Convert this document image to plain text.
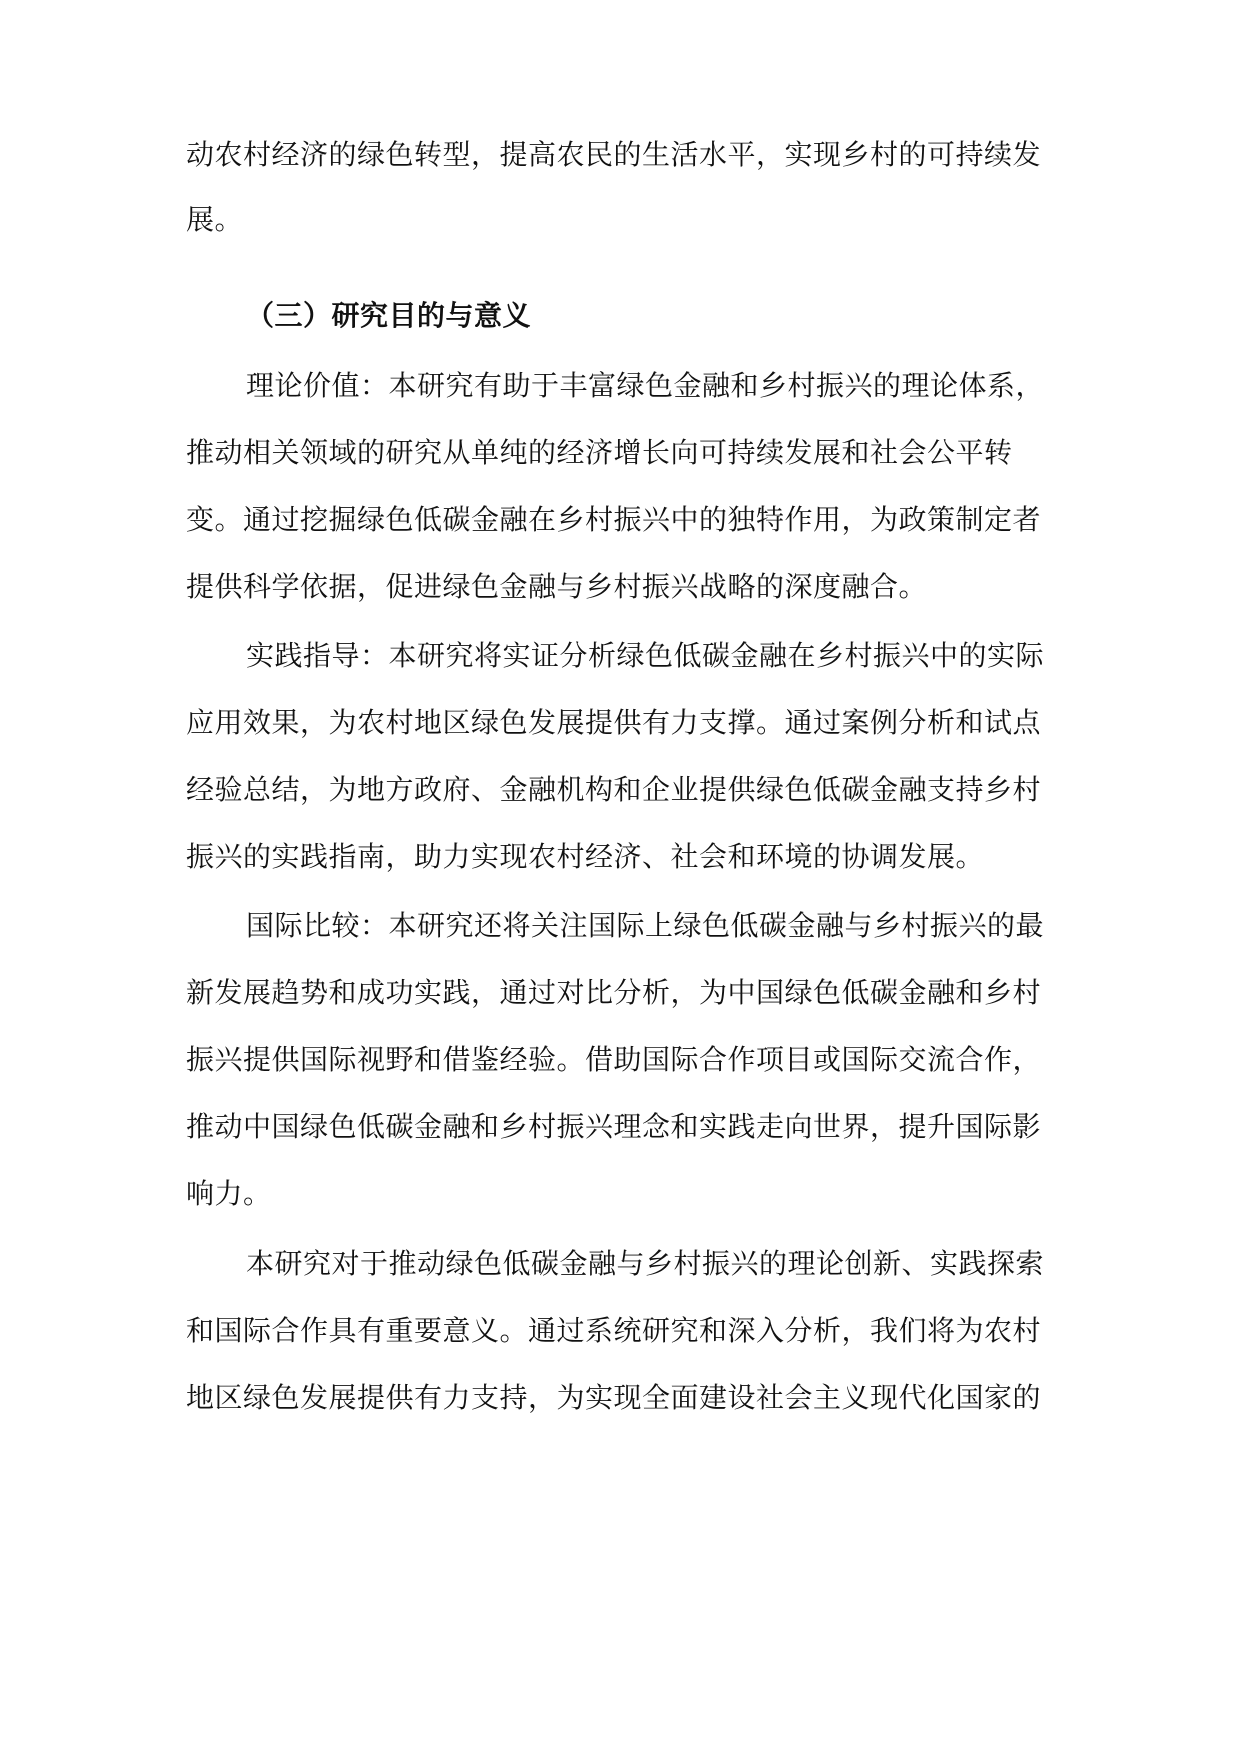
动农村经济的绿色转型，提高农民的生活水平，实现乡村的可持续发
展。
（三）研究目的与意义
理论价值：本研究有助于丰富绿色金融和乡村振兴的理论体系，
推动相关领域的研究从单纯的经济增长向可持续发展和社会公平转
变。通过挖掘绿色低碳金融在乡村振兴中的独特作用，为政策制定者
提供科学依据，促进绿色金融与乡村振兴战略的深度融合。
实践指导：本研究将实证分析绿色低碳金融在乡村振兴中的实际
应用效果，为农村地区绿色发展提供有力支撑。通过案例分析和试点
经验总结，为地方政府、金融机构和企业提供绿色低碳金融支持乡村
振兴的实践指南，助力实现农村经济、社会和环境的协调发展。
国际比较：本研究还将关注国际上绿色低碳金融与乡村振兴的最
新发展趋势和成功实践，通过对比分析，为中国绿色低碳金融和乡村
振兴提供国际视野和借鉴经验。借助国际合作项目或国际交流合作，
推动中国绿色低碳金融和乡村振兴理念和实践走向世界，提升国际影
响力。
本研究对于推动绿色低碳金融与乡村振兴的理论创新、实践探索
和国际合作具有重要意义。通过系统研究和深入分析，我们将为农村
地区绿色发展提供有力支持，为实现全面建设社会主义现代化国家的
